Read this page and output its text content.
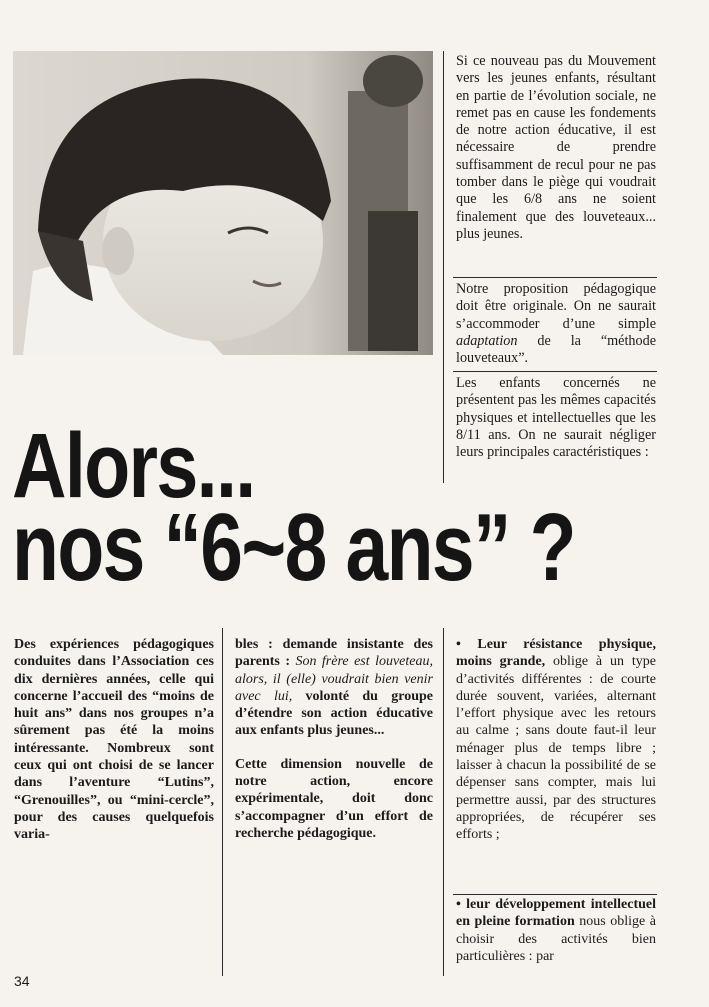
Si ce nouveau pas du Mouvement vers les jeunes enfants, résultant en partie de l’évolution sociale, ne remet pas en cause les fondements de notre action éducative, il est nécessaire de prendre suffisamment de recul pour ne pas tomber dans le piège qui voudrait que les 6/8 ans ne soient finalement que des louveteaux... plus jeunes.

Notre proposition pédagogique doit être originale. On ne saurait s’accommoder d’une simple adaptation de la “méthode louveteaux”.

Les enfants concernés ne présentent pas les mêmes capacités physiques et intellectuelles que les 8/11 ans. On ne saurait négliger leurs principales caractéristiques :

Alors...
nos “6~8 ans” ?

Des expériences pédagogiques conduites dans l’Association ces dix dernières années, celle qui concerne l’accueil des “moins de huit ans” dans nos groupes n’a sûrement pas été la moins intéressante. Nombreux sont ceux qui ont choisi de se lancer dans l’aventure “Lutins”, “Grenouilles”, ou “mini-cercle”, pour des causes quelquefois varia-

bles : demande insistante des parents : Son frère est louveteau, alors, il (elle) voudrait bien venir avec lui, volonté du groupe d’étendre son action éducative aux enfants plus jeunes...

Cette dimension nouvelle de notre action, encore expérimentale, doit donc s’accompagner d’un effort de recherche pédagogique.

• Leur résistance physique, moins grande, oblige à un type d’activités différentes : de courte durée souvent, variées, alternant l’effort physique avec les retours au calme ; sans doute faut-il leur ménager plus de temps libre ; laisser à chacun la possibilité de se dépenser sans compter, mais lui permettre aussi, par des structures appropriées, de récupérer ses efforts ;

• leur développement intellectuel en pleine formation nous oblige à choisir des activités bien particulières : par

34
